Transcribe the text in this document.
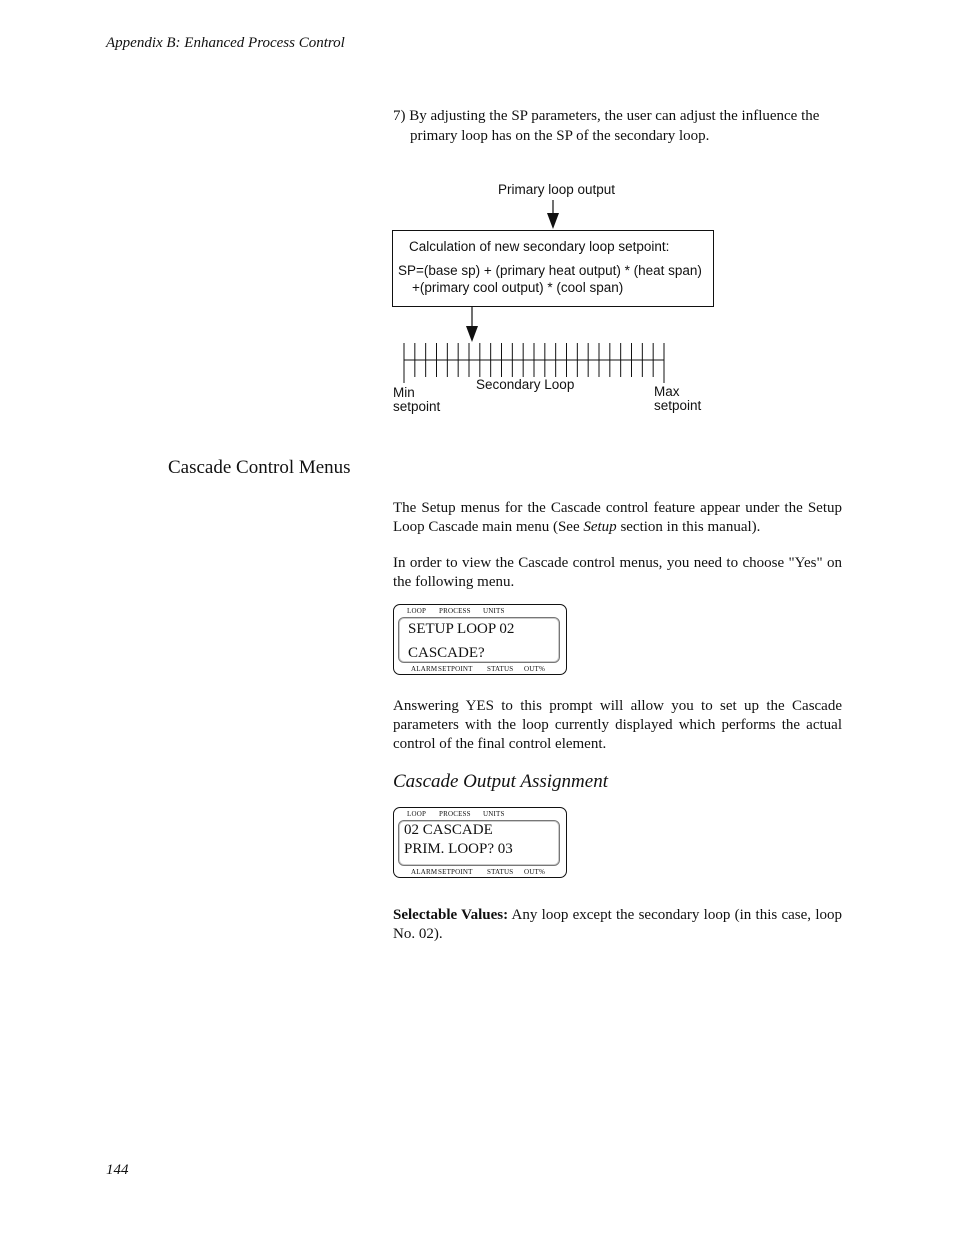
Appendix B: Enhanced Process Control
7) By adjusting the SP parameters, the user can adjust the influence the primary loop has on the SP of the secondary loop.
Primary loop output
Calculation of new secondary loop setpoint:
SP=(base sp) + (primary heat output) * (heat span)
+(primary cool output) * (cool span)
Secondary Loop
Min
setpoint
Max
setpoint
Cascade Control Menus
The Setup menus for the Cascade control feature appear under the Setup Loop Cascade main menu (See Setup section in this manual).
In order to view the Cascade control menus, you need to choose "Yes" on the following menu.
LOOP PROCESS UNITS
SETUP LOOP 02
CASCADE?
ALARM SETPOINT STATUS OUT%
Answering YES to this prompt will allow you to set up the Cascade parameters with the loop currently displayed which performs the actual control of the final control element.
Cascade Output Assignment
LOOP PROCESS UNITS
02 CASCADE
PRIM. LOOP? 03
ALARM SETPOINT STATUS OUT%
Selectable Values: Any loop except the secondary loop (in this case, loop No. 02).
144
